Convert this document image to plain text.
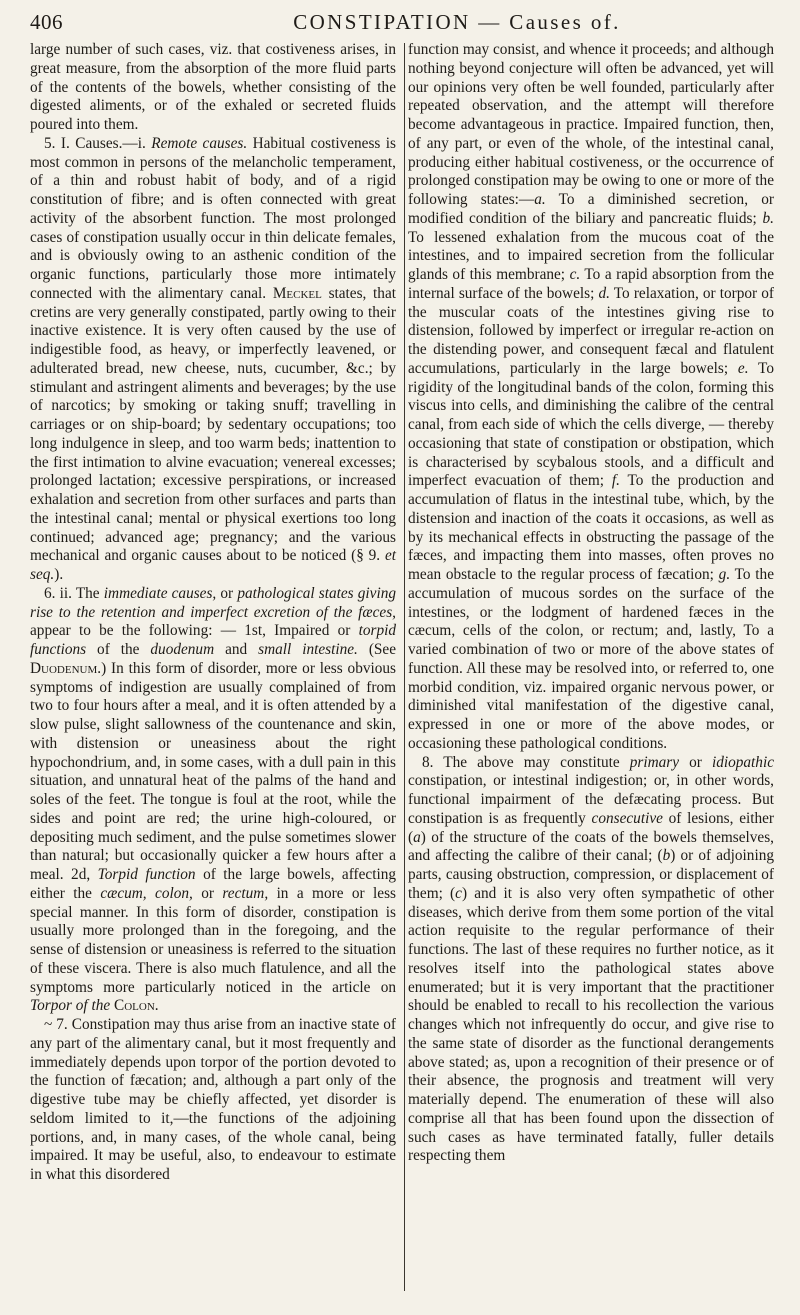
406	CONSTIPATION — Causes of.

large number of such cases, viz. that costiveness arises, in great measure, from the absorption of the more fluid parts of the contents of the bowels, whether consisting of the digested aliments, or of the exhaled or secreted fluids poured into them.

5. I. Causes.—i. Remote causes. Habitual costiveness is most common in persons of the melancholic temperament, of a thin and robust habit of body, and of a rigid constitution of fibre; and is often connected with great activity of the absorbent function. The most prolonged cases of constipation usually occur in thin delicate females, and is obviously owing to an asthenic condition of the organic functions, particularly those more intimately connected with the alimentary canal. Meckel states, that cretins are very generally constipated, partly owing to their inactive existence. It is very often caused by the use of indigestible food, as heavy, or imperfectly leavened, or adulterated bread, new cheese, nuts, cucumber, &c.; by stimulant and astringent aliments and beverages; by the use of narcotics; by smoking or taking snuff; travelling in carriages or on ship-board; by sedentary occupations; too long indulgence in sleep, and too warm beds; inattention to the first intimation to alvine evacuation; venereal excesses; prolonged lactation; excessive perspirations, or increased exhalation and secretion from other surfaces and parts than the intestinal canal; mental or physical exertions too long continued; advanced age; pregnancy; and the various mechanical and organic causes about to be noticed (§ 9. et seq.).

6. ii. The immediate causes, or pathological states giving rise to the retention and imperfect excretion of the fæces, appear to be the following: — 1st, Impaired or torpid functions of the duodenum and small intestine. (See Duodenum.) In this form of disorder, more or less obvious symptoms of indigestion are usually complained of from two to four hours after a meal, and it is often attended by a slow pulse, slight sallowness of the countenance and skin, with distension or uneasiness about the right hypochondrium, and, in some cases, with a dull pain in this situation, and unnatural heat of the palms of the hand and soles of the feet. The tongue is foul at the root, while the sides and point are red; the urine high-coloured, or depositing much sediment, and the pulse sometimes slower than natural; but occasionally quicker a few hours after a meal. 2d, Torpid function of the large bowels, affecting either the cæcum, colon, or rectum, in a more or less special manner. In this form of disorder, constipation is usually more prolonged than in the foregoing, and the sense of distension or uneasiness is referred to the situation of these viscera. There is also much flatulence, and all the symptoms more particularly noticed in the article on Torpor of the Colon.

~ 7. Constipation may thus arise from an inactive state of any part of the alimentary canal, but it most frequently and immediately depends upon torpor of the portion devoted to the function of fæcation; and, although a part only of the digestive tube may be chiefly affected, yet disorder is seldom limited to it,—the functions of the adjoining portions, and, in many cases, of the whole canal, being impaired. It may be useful, also, to endeavour to estimate in what this disordered

function may consist, and whence it proceeds; and although nothing beyond conjecture will often be advanced, yet will our opinions very often be well founded, particularly after repeated observation, and the attempt will therefore become advantageous in practice. Impaired function, then, of any part, or even of the whole, of the intestinal canal, producing either habitual costiveness, or the occurrence of prolonged constipation may be owing to one or more of the following states:—a. To a diminished secretion, or modified condition of the biliary and pancreatic fluids; b. To lessened exhalation from the mucous coat of the intestines, and to impaired secretion from the follicular glands of this membrane; c. To a rapid absorption from the internal surface of the bowels; d. To relaxation, or torpor of the muscular coats of the intestines giving rise to distension, followed by imperfect or irregular re-action on the distending power, and consequent fæcal and flatulent accumulations, particularly in the large bowels; e. To rigidity of the longitudinal bands of the colon, forming this viscus into cells, and diminishing the calibre of the central canal, from each side of which the cells diverge, — thereby occasioning that state of constipation or obstipation, which is characterised by scybalous stools, and a difficult and imperfect evacuation of them; f. To the production and accumulation of flatus in the intestinal tube, which, by the distension and inaction of the coats it occasions, as well as by its mechanical effects in obstructing the passage of the fæces, and impacting them into masses, often proves no mean obstacle to the regular process of fæcation; g. To the accumulation of mucous sordes on the surface of the intestines, or the lodgment of hardened fæces in the cæcum, cells of the colon, or rectum; and, lastly, To a varied combination of two or more of the above states of function. All these may be resolved into, or referred to, one morbid condition, viz. impaired organic nervous power, or diminished vital manifestation of the digestive canal, expressed in one or more of the above modes, or occasioning these pathological conditions.

8. The above may constitute primary or idiopathic constipation, or intestinal indigestion; or, in other words, functional impairment of the defæcating process. But constipation is as frequently consecutive of lesions, either (a) of the structure of the coats of the bowels themselves, and affecting the calibre of their canal; (b) or of adjoining parts, causing obstruction, compression, or displacement of them; (c) and it is also very often sympathetic of other diseases, which derive from them some portion of the vital action requisite to the regular performance of their functions. The last of these requires no further notice, as it resolves itself into the pathological states above enumerated; but it is very important that the practitioner should be enabled to recall to his recollection the various changes which not infrequently do occur, and give rise to the same state of disorder as the functional derangements above stated; as, upon a recognition of their presence or of their absence, the prognosis and treatment will very materially depend. The enumeration of these will also comprise all that has been found upon the dissection of such cases as have terminated fatally, fuller details respecting them
